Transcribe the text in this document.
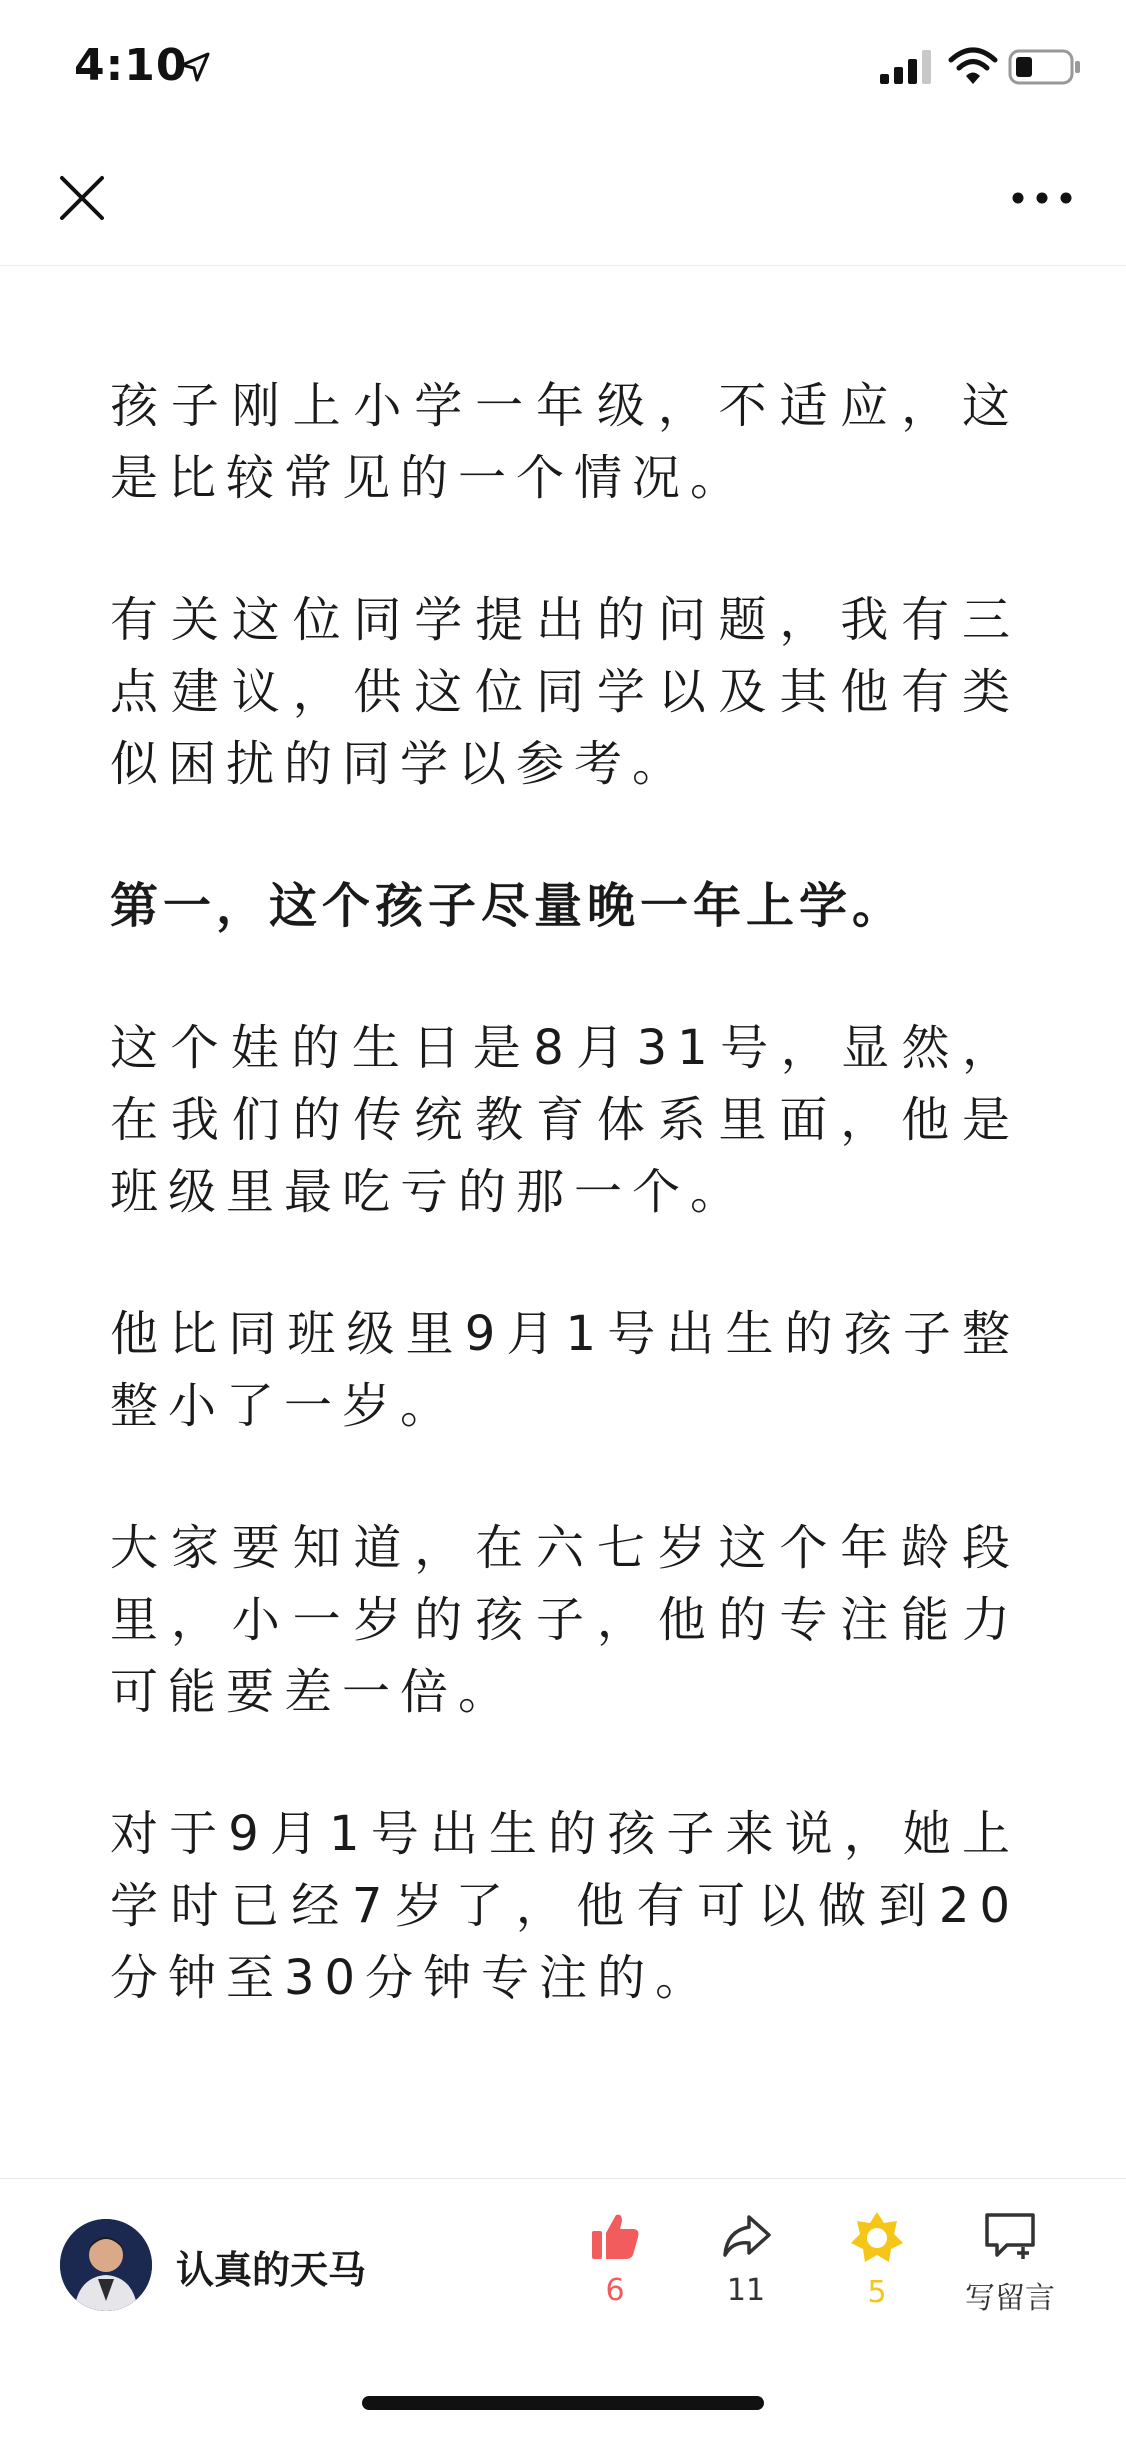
4:10

孩子刚上小学一年级，不适应，这是比较常见的一个情况。

有关这位同学提出的问题，我有三点建议，供这位同学以及其他有类似困扰的同学以参考。

第一，这个孩子尽量晚一年上学。

这个娃的生日是8月31号，显然，在我们的传统教育体系里面，他是班级里最吃亏的那一个。

他比同班级里9月1号出生的孩子整整小了一岁。

大家要知道，在六七岁这个年龄段里，小一岁的孩子，他的专注能力可能要差一倍。

对于9月1号出生的孩子来说，她上学时已经7岁了，他有可以做到20分钟至30分钟专注的。

认真的天马	6	11	5	写留言
